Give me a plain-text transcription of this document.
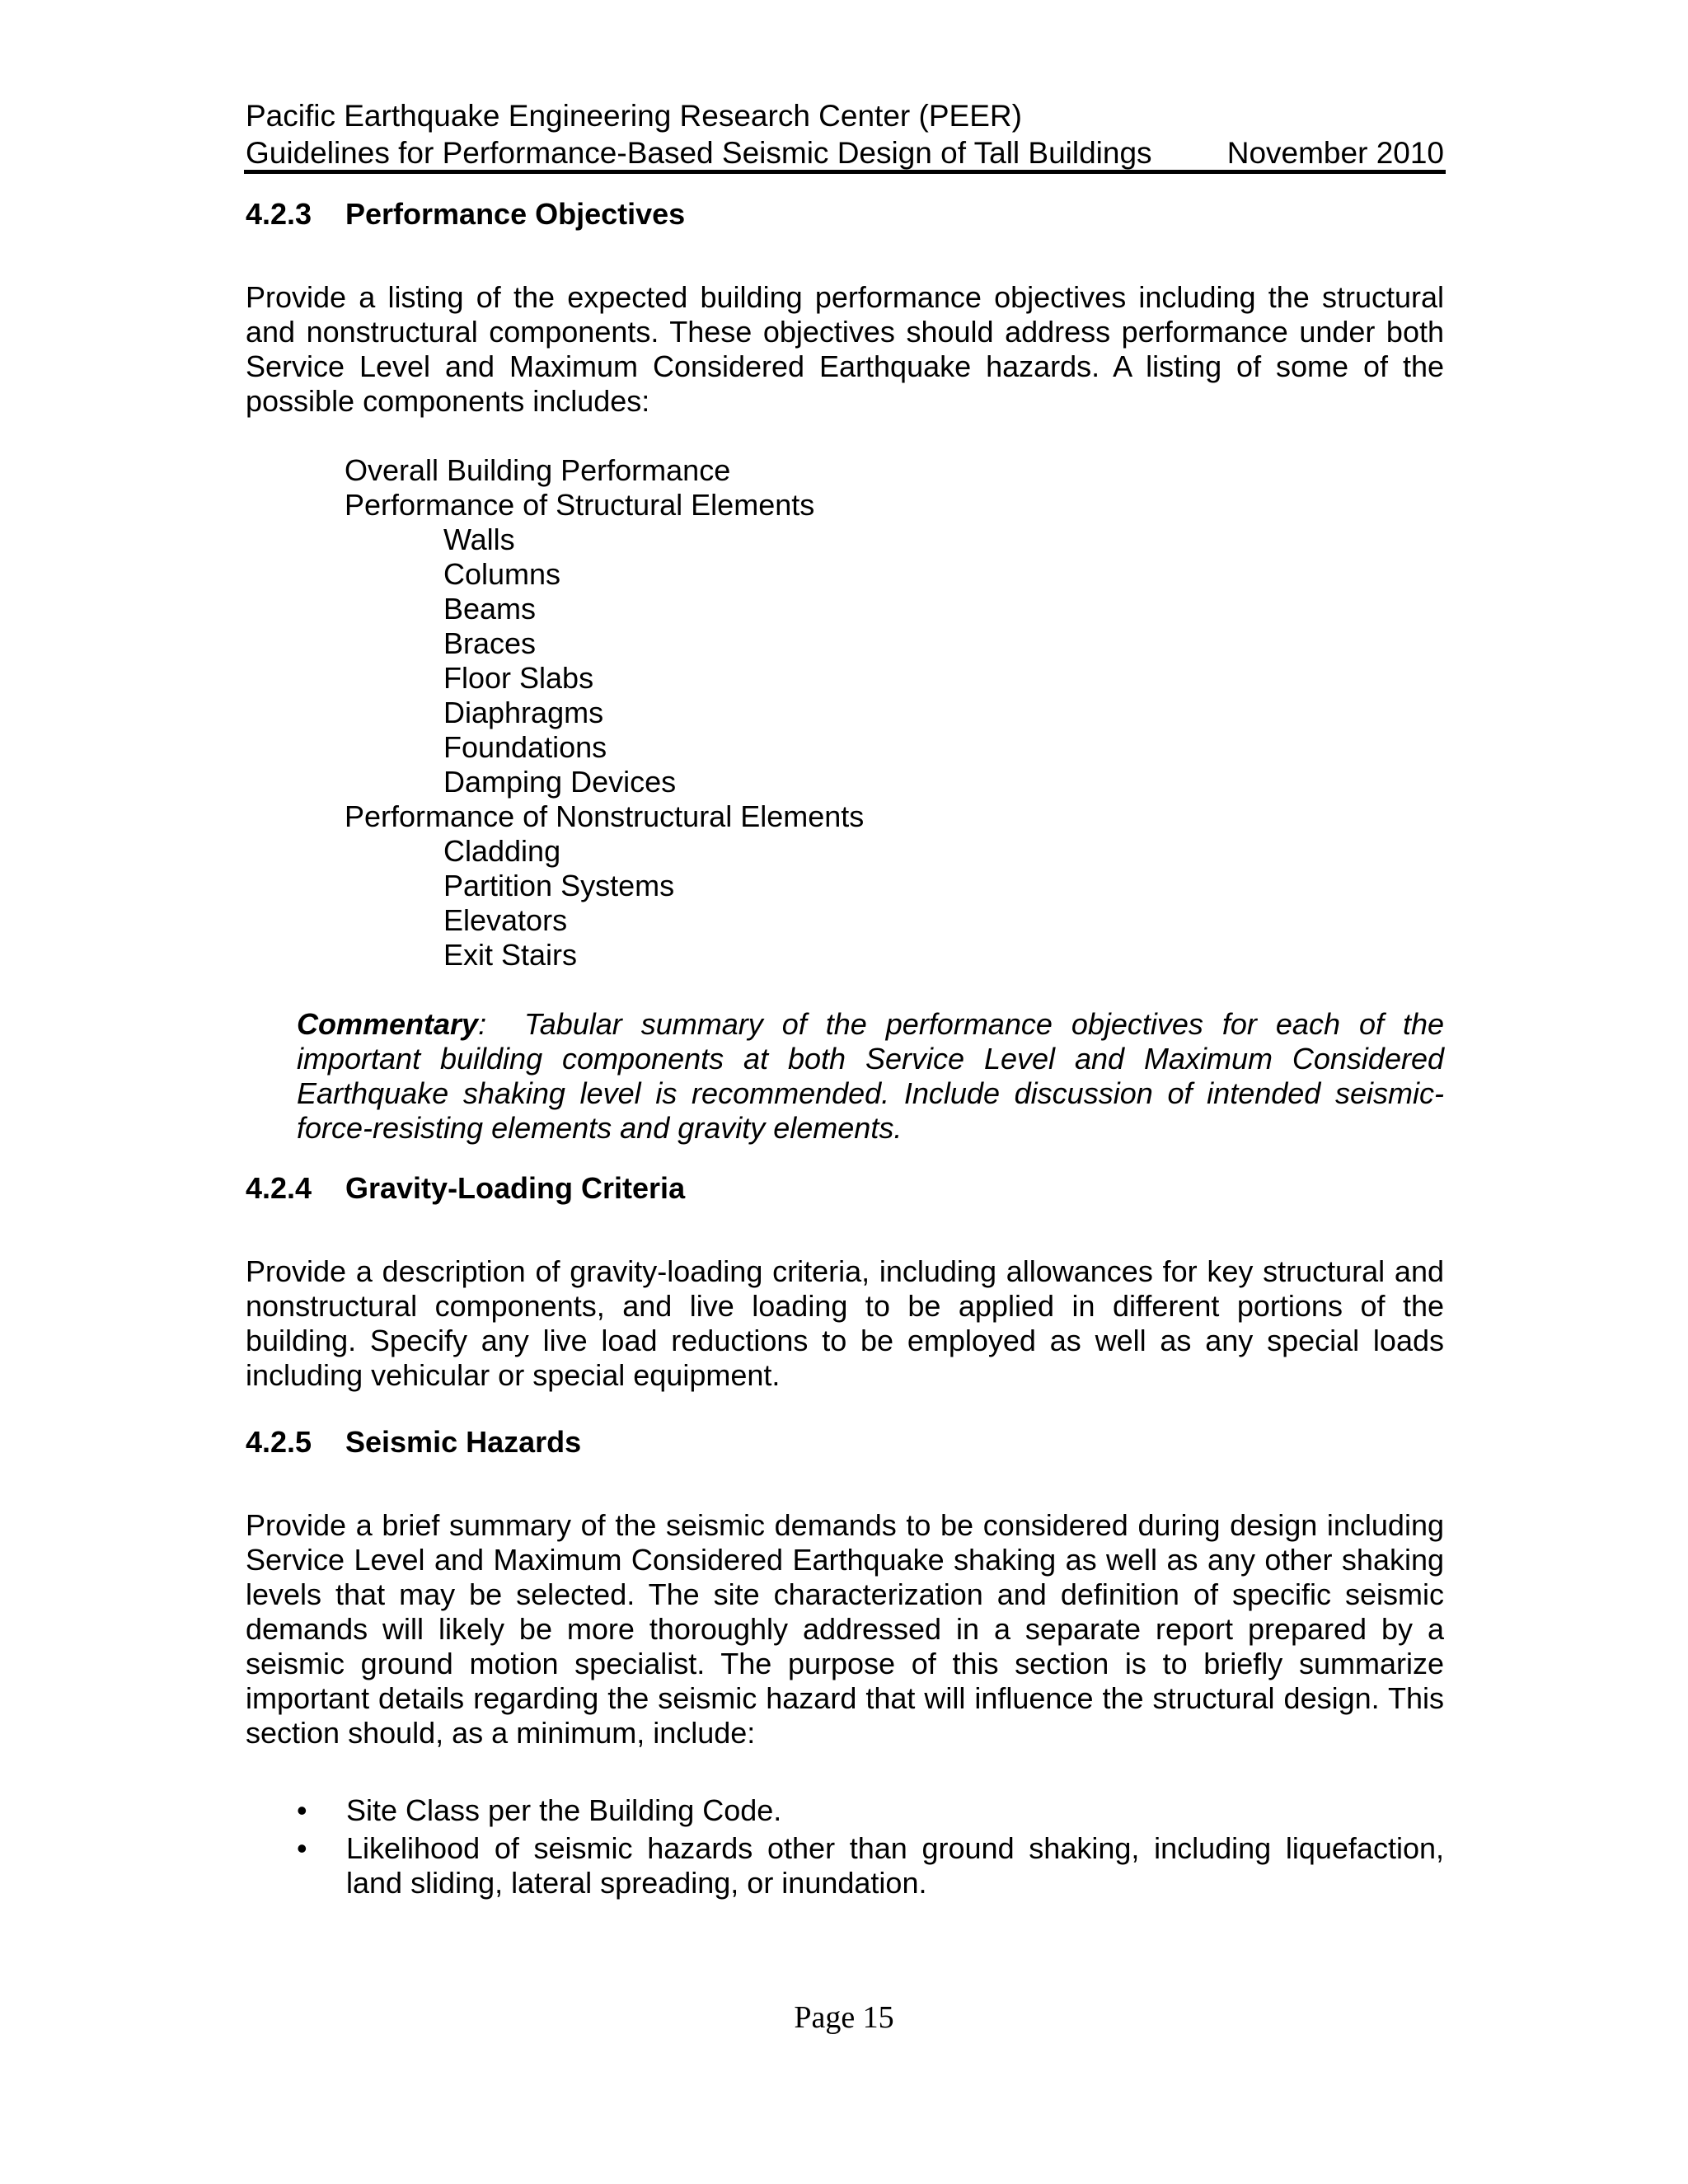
Pacific Earthquake Engineering Research Center (PEER)
Guidelines for Performance-Based Seismic Design of Tall Buildings November 2010
4.2.3 Performance Objectives
Provide a listing of the expected building performance objectives including the structural and nonstructural components. These objectives should address performance under both Service Level and Maximum Considered Earthquake hazards. A listing of some of the possible components includes:
Overall Building Performance
Performance of Structural Elements
Walls
Columns
Beams
Braces
Floor Slabs
Diaphragms
Foundations
Damping Devices
Performance of Nonstructural Elements
Cladding
Partition Systems
Elevators
Exit Stairs
Commentary:  Tabular summary of the performance objectives for each of the important building components at both Service Level and Maximum Considered Earthquake shaking level is recommended. Include discussion of intended seismic-force-resisting elements and gravity elements.
4.2.4 Gravity-Loading Criteria
Provide a description of gravity-loading criteria, including allowances for key structural and nonstructural components, and live loading to be applied in different portions of the building. Specify any live load reductions to be employed as well as any special loads including vehicular or special equipment.
4.2.5 Seismic Hazards
Provide a brief summary of the seismic demands to be considered during design including Service Level and Maximum Considered Earthquake shaking as well as any other shaking levels that may be selected. The site characterization and definition of specific seismic demands will likely be more thoroughly addressed in a separate report prepared by a seismic ground motion specialist. The purpose of this section is to briefly summarize important details regarding the seismic hazard that will influence the structural design. This section should, as a minimum, include:
• Site Class per the Building Code.
• Likelihood of seismic hazards other than ground shaking, including liquefaction, land sliding, lateral spreading, or inundation.
Page 15
